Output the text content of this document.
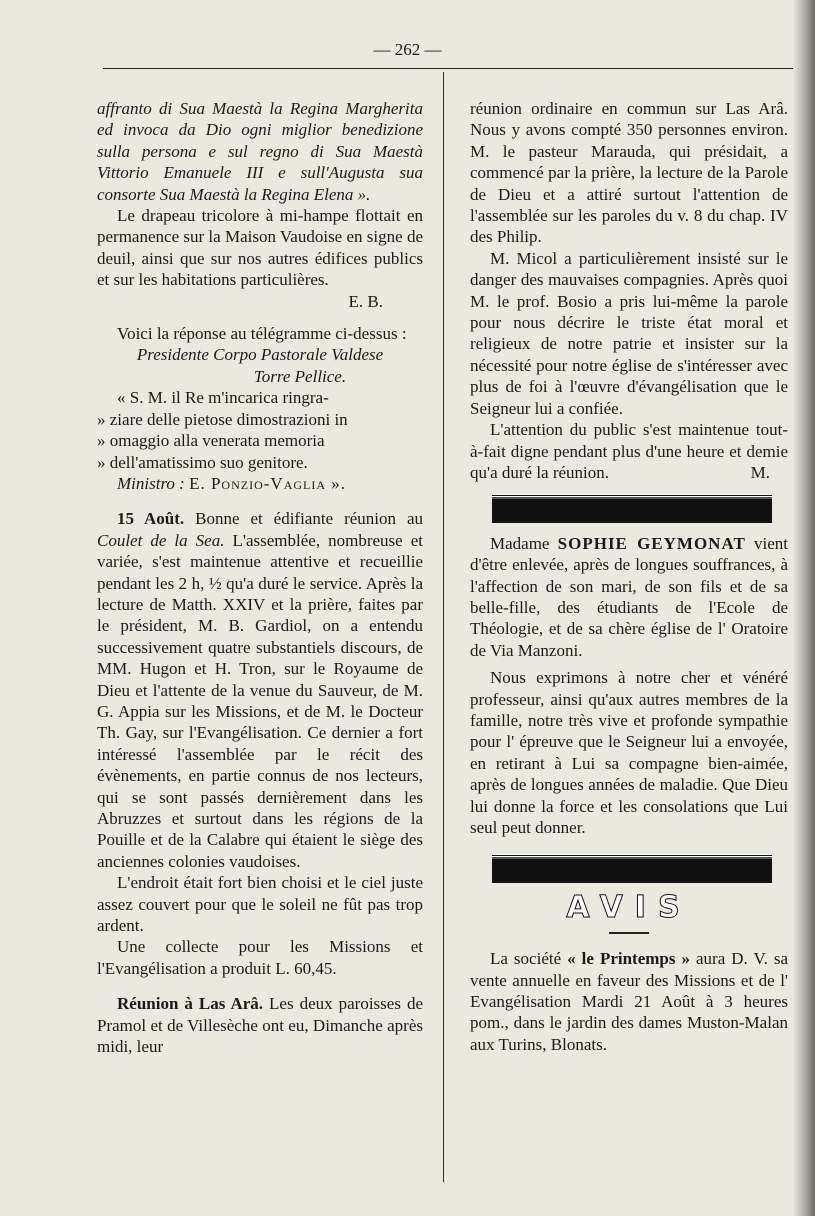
— 262 —

affranto di Sua Maestà la Regina Margherita ed invoca da Dio ogni miglior benedizione sulla persona e sul regno di Sua Maestà Vittorio Emanuele III e sull'Augusta sua consorte Sua Maestà la Regina Elena ».

Le drapeau tricolore à mi-hampe flottait en permanence sur la Maison Vaudoise en signe de deuil, ainsi que sur nos autres édifices publics et sur les habitations particulières.

E. B.

Voici la réponse au télégramme ci-dessus :

Presidente Corpo Pastorale Valdese

Torre Pellice.

« S. M. il Re m'incarica ringra-

» ziare delle pietose dimostrazioni in

» omaggio alla venerata memoria

» dell'amatissimo suo genitore.

Ministro : E. Ponzio-Vaglia ».

15 Août. Bonne et édifiante réunion au Coulet de la Sea. L'assemblée, nombreuse et variée, s'est maintenue attentive et recueillie pendant les 2 h, ½ qu'a duré le service. Après la lecture de Matth. XXIV et la prière, faites par le président, M. B. Gardiol, on a entendu successivement quatre substantiels discours, de MM. Hugon et H. Tron, sur le Royaume de Dieu et l'attente de la venue du Sauveur, de M. G. Appia sur les Missions, et de M. le Docteur Th. Gay, sur l'Evangélisation. Ce dernier a fort intéressé l'assemblée par le récit des évènements, en partie connus de nos lecteurs, qui se sont passés dernièrement dans les Abruzzes et surtout dans les régions de la Pouille et de la Calabre qui étaient le siège des anciennes colonies vaudoises.

L'endroit était fort bien choisi et le ciel juste assez couvert pour que le soleil ne fût pas trop ardent.

Une collecte pour les Missions et l'Evangélisation a produit L. 60,45.

Réunion à Las Arâ. Les deux paroisses de Pramol et de Villesèche ont eu, Dimanche après midi, leur

réunion ordinaire en commun sur Las Arâ. Nous y avons compté 350 personnes environ. M. le pasteur Marauda, qui présidait, a commencé par la prière, la lecture de la Parole de Dieu et a attiré surtout l'attention de l'assemblée sur les paroles du v. 8 du chap. IV des Philip.

M. Micol a particulièrement insisté sur le danger des mauvaises compagnies. Après quoi M. le prof. Bosio a pris lui-même la parole pour nous décrire le triste état moral et religieux de notre patrie et insister sur la nécessité pour notre église de s'intéresser avec plus de foi à l'œuvre d'évangélisation que le Seigneur lui a confiée.

L'attention du public s'est maintenue tout-à-fait digne pendant plus d'une heure et demie qu'a duré la réunion.	M.

Madame SOPHIE GEYMONAT vient d'être enlevée, après de longues souffrances, à l'affection de son mari, de son fils et de sa belle-fille, des étudiants de l'Ecole de Théologie, et de sa chère église de l' Oratoire de Via Manzoni.

Nous exprimons à notre cher et vénéré professeur, ainsi qu'aux autres membres de la famille, notre très vive et profonde sympathie pour l' épreuve que le Seigneur lui a envoyée, en retirant à Lui sa compagne bien-aimée, après de longues années de maladie. Que Dieu lui donne la force et les consolations que Lui seul peut donner.

AVIS

La société « le Printemps » aura D. V. sa vente annuelle en faveur des Missions et de l' Evangélisation Mardi 21 Août à 3 heures pom., dans le jardin des dames Muston-Malan aux Turins, Blonats.
